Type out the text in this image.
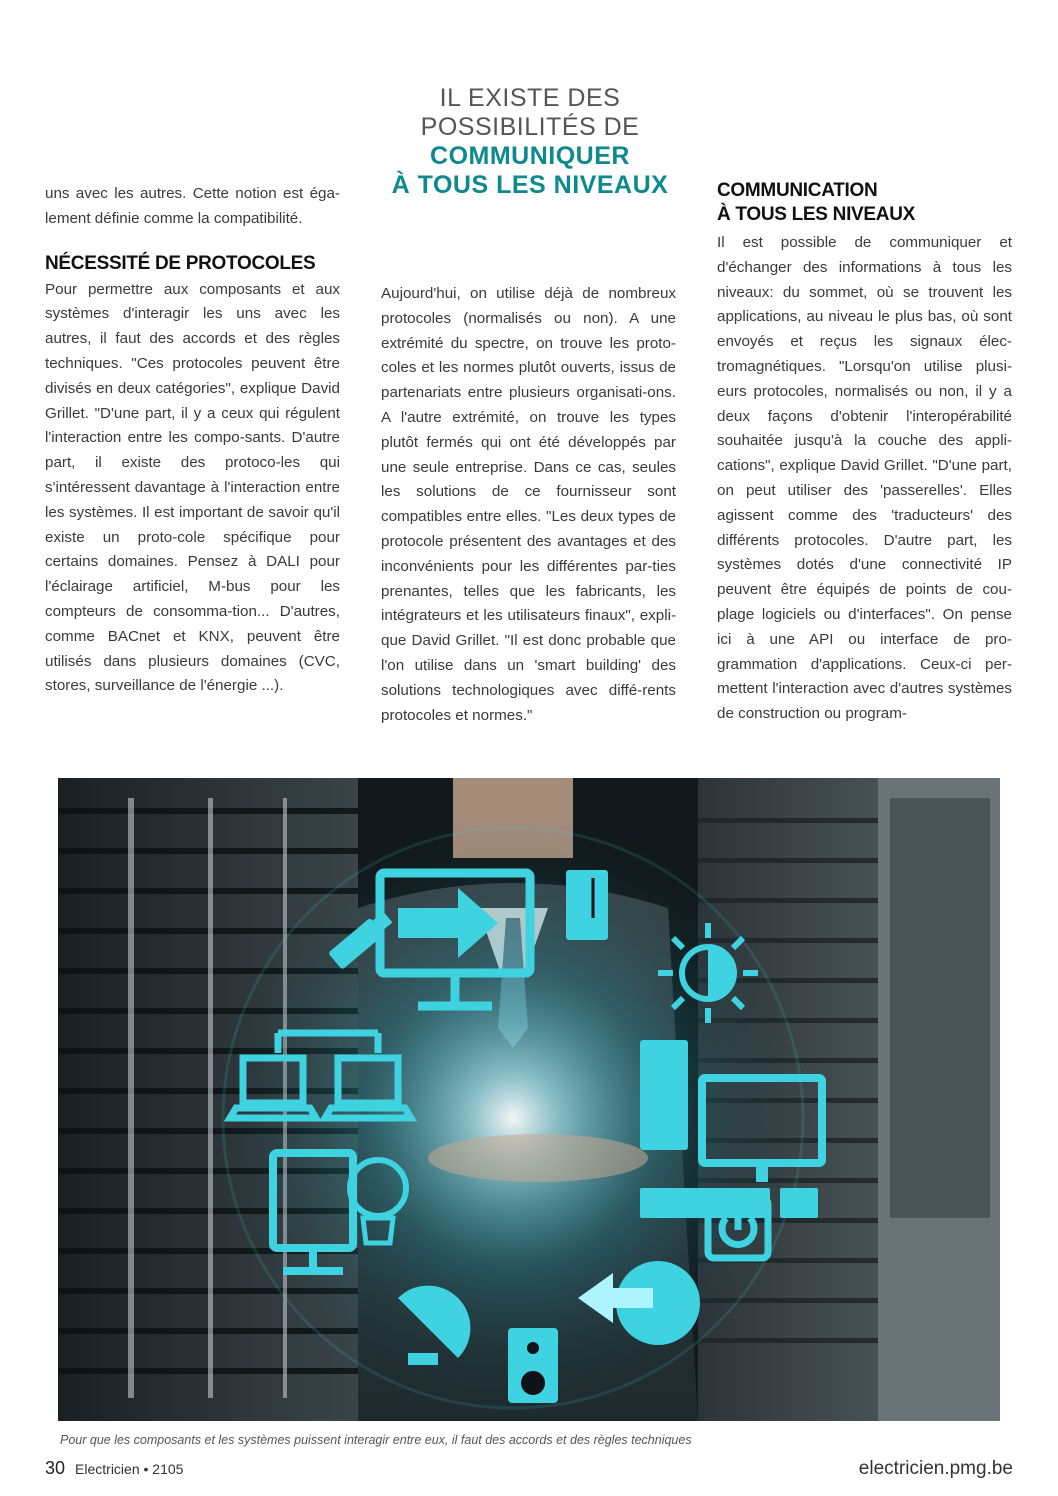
IL EXISTE DES
POSSIBILITÉS DE
COMMUNIQUER
À TOUS LES NIVEAUX

uns avec les autres. Cette notion est éga-lement définie comme la compatibilité.

NÉCESSITÉ DE PROTOCOLES

Pour permettre aux composants et aux systèmes d'interagir les uns avec les autres, il faut des accords et des règles techniques. "Ces protocoles peuvent être divisés en deux catégories", explique David Grillet. "D'une part, il y a ceux qui régulent l'interaction entre les compo-sants. D'autre part, il existe des protoco-les qui s'intéressent davantage à l'interaction entre les systèmes. Il est important de savoir qu'il existe un proto-cole spécifique pour certains domaines. Pensez à DALI pour l'éclairage artificiel, M-bus pour les compteurs de consomma-tion... D'autres, comme BACnet et KNX, peuvent être utilisés dans plusieurs domaines (CVC, stores, surveillance de l'énergie ...).

Aujourd'hui, on utilise déjà de nombreux protocoles (normalisés ou non). A une extrémité du spectre, on trouve les proto-coles et les normes plutôt ouverts, issus de partenariats entre plusieurs organisati-ons. A l'autre extrémité, on trouve les types plutôt fermés qui ont été développés par une seule entreprise. Dans ce cas, seules les solutions de ce fournisseur sont compatibles entre elles. "Les deux types de protocole présentent des avantages et des inconvénients pour les différentes par-ties prenantes, telles que les fabricants, les intégrateurs et les utilisateurs finaux", expli-que David Grillet. "Il est donc probable que l'on utilise dans un 'smart building' des solutions technologiques avec diffé-rents protocoles et normes."

COMMUNICATION
À TOUS LES NIVEAUX

Il est possible de communiquer et d'échanger des informations à tous les niveaux: du sommet, où se trouvent les applications, au niveau le plus bas, où sont envoyés et reçus les signaux élec-tromagnétiques. "Lorsqu'on utilise plusi-eurs protocoles, normalisés ou non, il y a deux façons d'obtenir l'interopérabilité souhaitée jusqu'à la couche des appli-cations", explique David Grillet. "D'une part, on peut utiliser des 'passerelles'. Elles agissent comme des 'traducteurs' des différents protocoles. D'autre part, les systèmes dotés d'une connectivité IP peuvent être équipés de points de cou-plage logiciels ou d'interfaces". On pense ici à une API ou interface de pro-grammation d'applications. Ceux-ci per-mettent l'interaction avec d'autres systèmes de construction ou program-

Pour que les composants et les systèmes puissent interagir entre eux, il faut des accords et des règles techniques
30 Electricien • 2105	electricien.pmg.be
